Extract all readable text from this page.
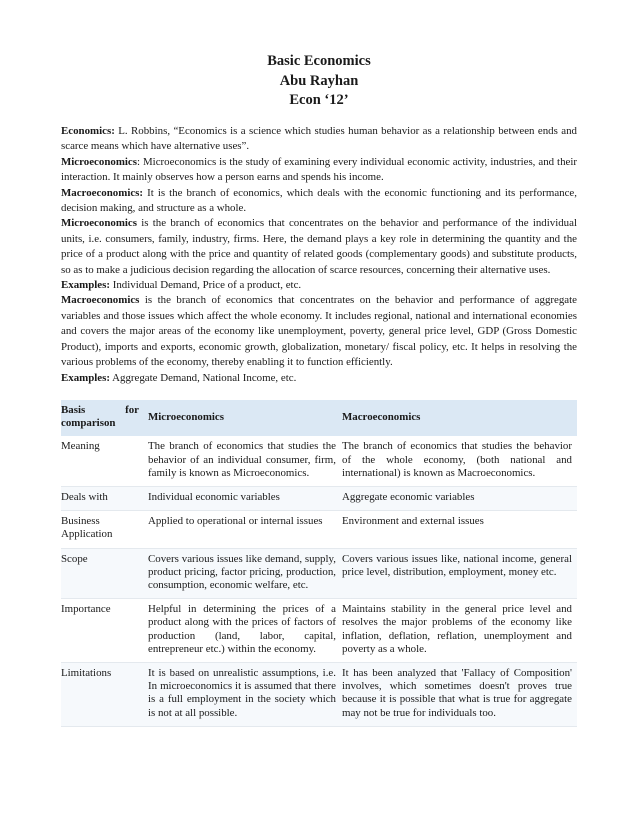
Basic Economics
Abu Rayhan
Econ ‘12’

Economics: L. Robbins, “Economics is a science which studies human behavior as a relationship between ends and scarce means which have alternative uses”.

Microeconomics: Microeconomics is the study of examining every individual economic activity, industries, and their interaction. It mainly observes how a person earns and spends his income.

Macroeconomics: It is the branch of economics, which deals with the economic functioning and its performance, decision making, and structure as a whole.

Microeconomics is the branch of economics that concentrates on the behavior and performance of the individual units, i.e. consumers, family, industry, firms. Here, the demand plays a key role in determining the quantity and the price of a product along with the price and quantity of related goods (complementary goods) and substitute products, so as to make a judicious decision regarding the allocation of scarce resources, concerning their alternative uses.

Examples: Individual Demand, Price of a product, etc.

Macroeconomics is the branch of economics that concentrates on the behavior and performance of aggregate variables and those issues which affect the whole economy. It includes regional, national and international economies and covers the major areas of the economy like unemployment, poverty, general price level, GDP (Gross Domestic Product), imports and exports, economic growth, globalization, monetary/ fiscal policy, etc. It helps in resolving the various problems of the economy, thereby enabling it to function efficiently.

Examples: Aggregate Demand, National Income, etc.

Basis for comparison	Microeconomics	Macroeconomics
Meaning	The branch of economics that studies the behavior of an individual consumer, firm, family is known as Microeconomics.	The branch of economics that studies the behavior of the whole economy, (both national and international) is known as Macroeconomics.
Deals with	Individual economic variables	Aggregate economic variables
Business Application	Applied to operational or internal issues	Environment and external issues
Scope	Covers various issues like demand, supply, product pricing, factor pricing, production, consumption, economic welfare, etc.	Covers various issues like, national income, general price level, distribution, employment, money etc.
Importance	Helpful in determining the prices of a product along with the prices of factors of production (land, labor, capital, entrepreneur etc.) within the economy.	Maintains stability in the general price level and resolves the major problems of the economy like inflation, deflation, reflation, unemployment and poverty as a whole.
Limitations	It is based on unrealistic assumptions, i.e. In microeconomics it is assumed that there is a full employment in the society which is not at all possible.	It has been analyzed that 'Fallacy of Composition' involves, which sometimes doesn't proves true because it is possible that what is true for aggregate may not be true for individuals too.
